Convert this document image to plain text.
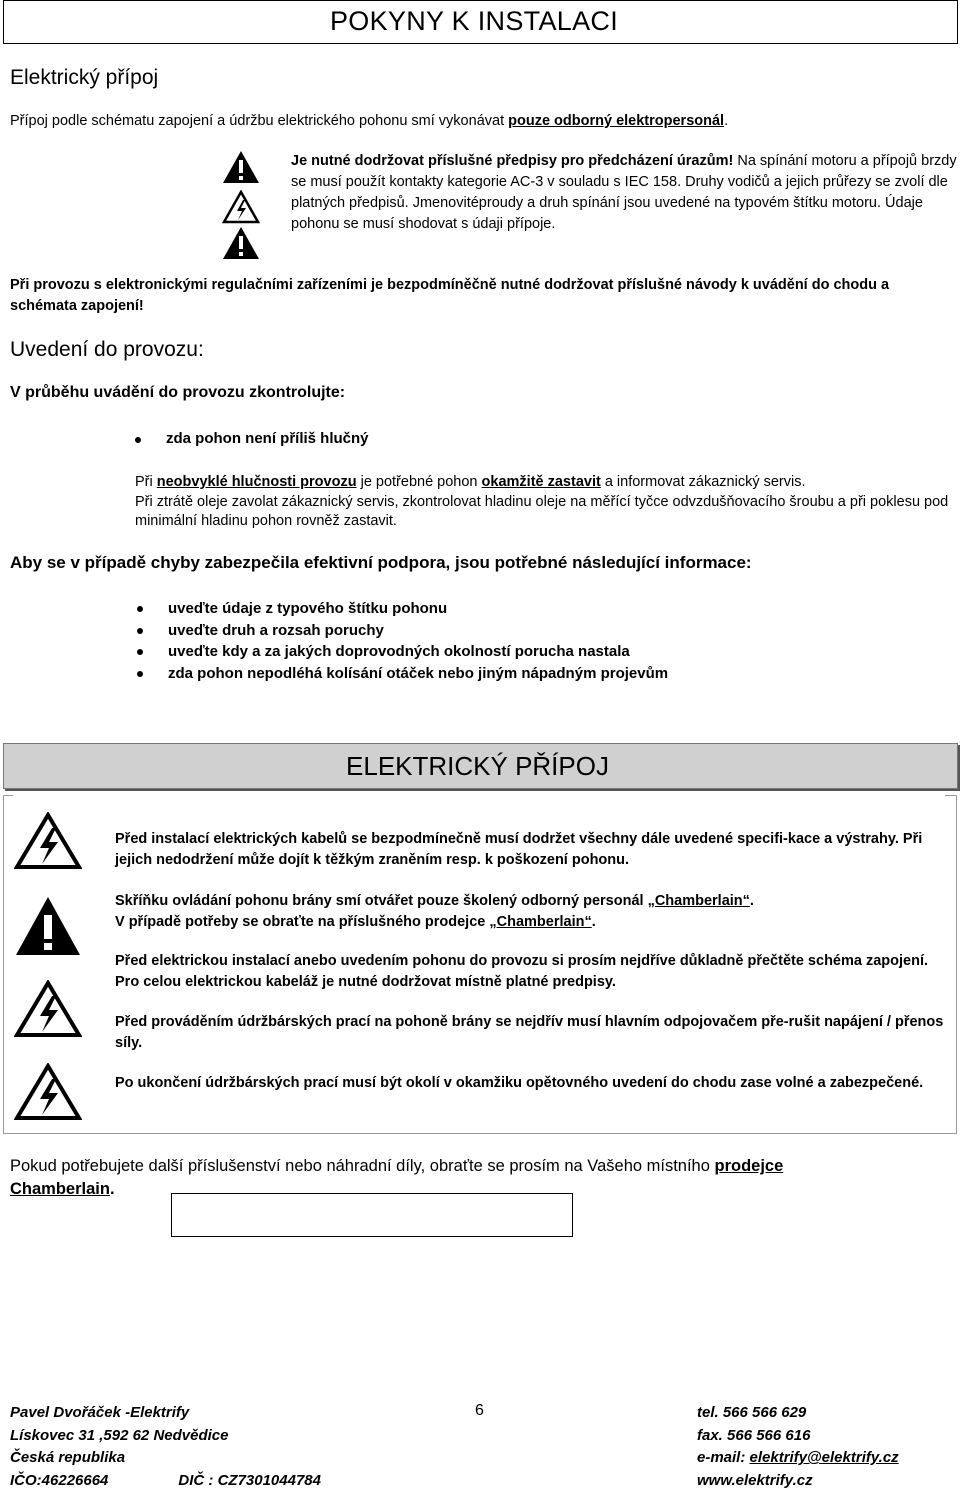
POKYNY K INSTALACI
Elektrický přípoj
Přípoj podle schématu zapojení a údržbu elektrického pohonu smí vykonávat pouze odborný elektropersonál.
Je nutné dodržovat příslušné předpisy pro předcházení úrazům! Na spínání motoru a přípojů brzdy se musí použít kontakty kategorie AC-3 v souladu s IEC 158. Druhy vodičů a jejich průřezy se zvolí dle platných předpisů. Jmenovitéproudy a druh spínání jsou uvedené na typovém štítku motoru. Údaje pohonu se musí shodovat s údaji přípoje.
Při provozu s elektronickými regulačními zařízeními je bezpodmíněčně nutné dodržovat příslušné návody k uvádění do chodu a schémata zapojení!
Uvedení do provozu:
V průběhu uvádění do provozu zkontrolujte:
zda pohon není příliš hlučný
Při neobvyklé hlučnosti provozu je potřebné pohon okamžitě zastavit a informovat zákaznický servis.
Při ztrátě oleje zavolat zákaznický servis, zkontrolovat hladinu oleje na měřící tyčce odvzdušňovacího šroubu a při poklesu pod minimální hladinu pohon rovněž zastavit.
Aby se v případě chyby zabezpečila efektivní podpora, jsou potřebné následující informace:
uveďte údaje z typového štítku pohonu
uveďte druh a rozsah poruchy
uveďte kdy a za jakých doprovodných okolností porucha nastala
zda pohon nepodléhá kolísání otáček nebo jiným nápadným projevům
ELEKTRICKÝ PŘÍPOJ
Před instalací elektrických kabelů se bezpodmínečně musí dodržet všechny dále uvedené specifi-kace a výstrahy. Při jejich nedodržení může dojít k těžkým zraněním resp. k poškození pohonu.
Skříňku ovládání pohonu brány smí otvářet pouze školený odborný personál „Chamberlain“.
V případě potřeby se obraťte na příslušného prodejce „Chamberlain“.
Před elektrickou instalací anebo uvedením pohonu do provozu si prosím nejdříve důkladně přečtěte schéma zapojení. Pro celou elektrickou kabeláž je nutné dodržovat místně platné predpisy.
Před prováděním údržbárských prací na pohoně brány se nejdřív musí hlavním odpojovačem pře-rušit napájení / přenos síly.
Po ukončení údržbárských prací musí být okolí v okamžiku opětovného uvedení do chodu zase volné a zabezpečené.
Pokud potřebujete další příslušenství nebo náhradní díly, obraťte se prosím na Vašeho místního prodejce
Chamberlain.
Pavel Dvořáček -Elektrify
Lískovec 31 ,592 62 Nedvědice
Česká republika
IČO:46226664	DIČ : CZ7301044784
6	tel. 566 566 629
fax. 566 566 616
e-mail: elektrify@elektrify.cz
www.elektrify.cz
